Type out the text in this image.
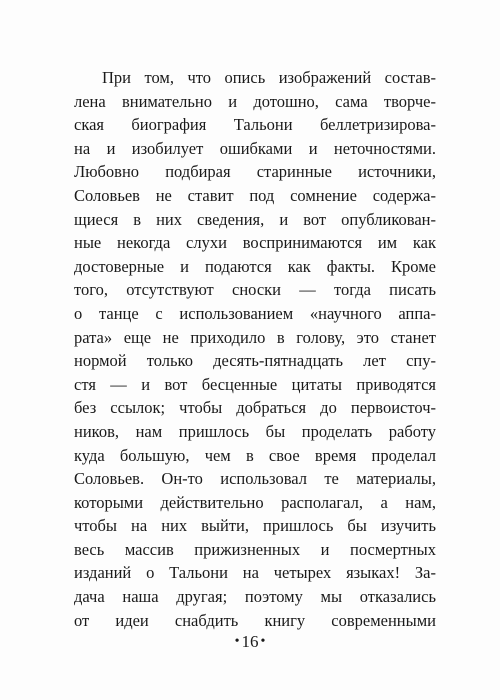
При том, что опись изображений состав-
лена внимательно и дотошно, сама творче-
ская биография Тальони беллетризирова-
на и изобилует ошибками и неточностями.
Любовно подбирая старинные источники,
Соловьев не ставит под сомнение содержа-
щиеся в них сведения, и вот опубликован-
ные некогда слухи воспринимаются им как
достоверные и подаются как факты. Кроме
того, отсутствуют сноски — тогда писать
о танце с использованием «научного аппа-
рата» еще не приходило в голову, это станет
нормой только десять-пятнадцать лет спу-
стя — и вот бесценные цитаты приводятся
без ссылок; чтобы добраться до первоисточ-
ников, нам пришлось бы проделать работу
куда большую, чем в свое время проделал
Соловьев. Он-то использовал те материалы,
которыми действительно располагал, а нам,
чтобы на них выйти, пришлось бы изучить
весь массив прижизненных и посмертных
изданий о Тальони на четырех языках! За-
дача наша другая; поэтому мы отказались
от идеи снабдить книгу современными
• 16 •
